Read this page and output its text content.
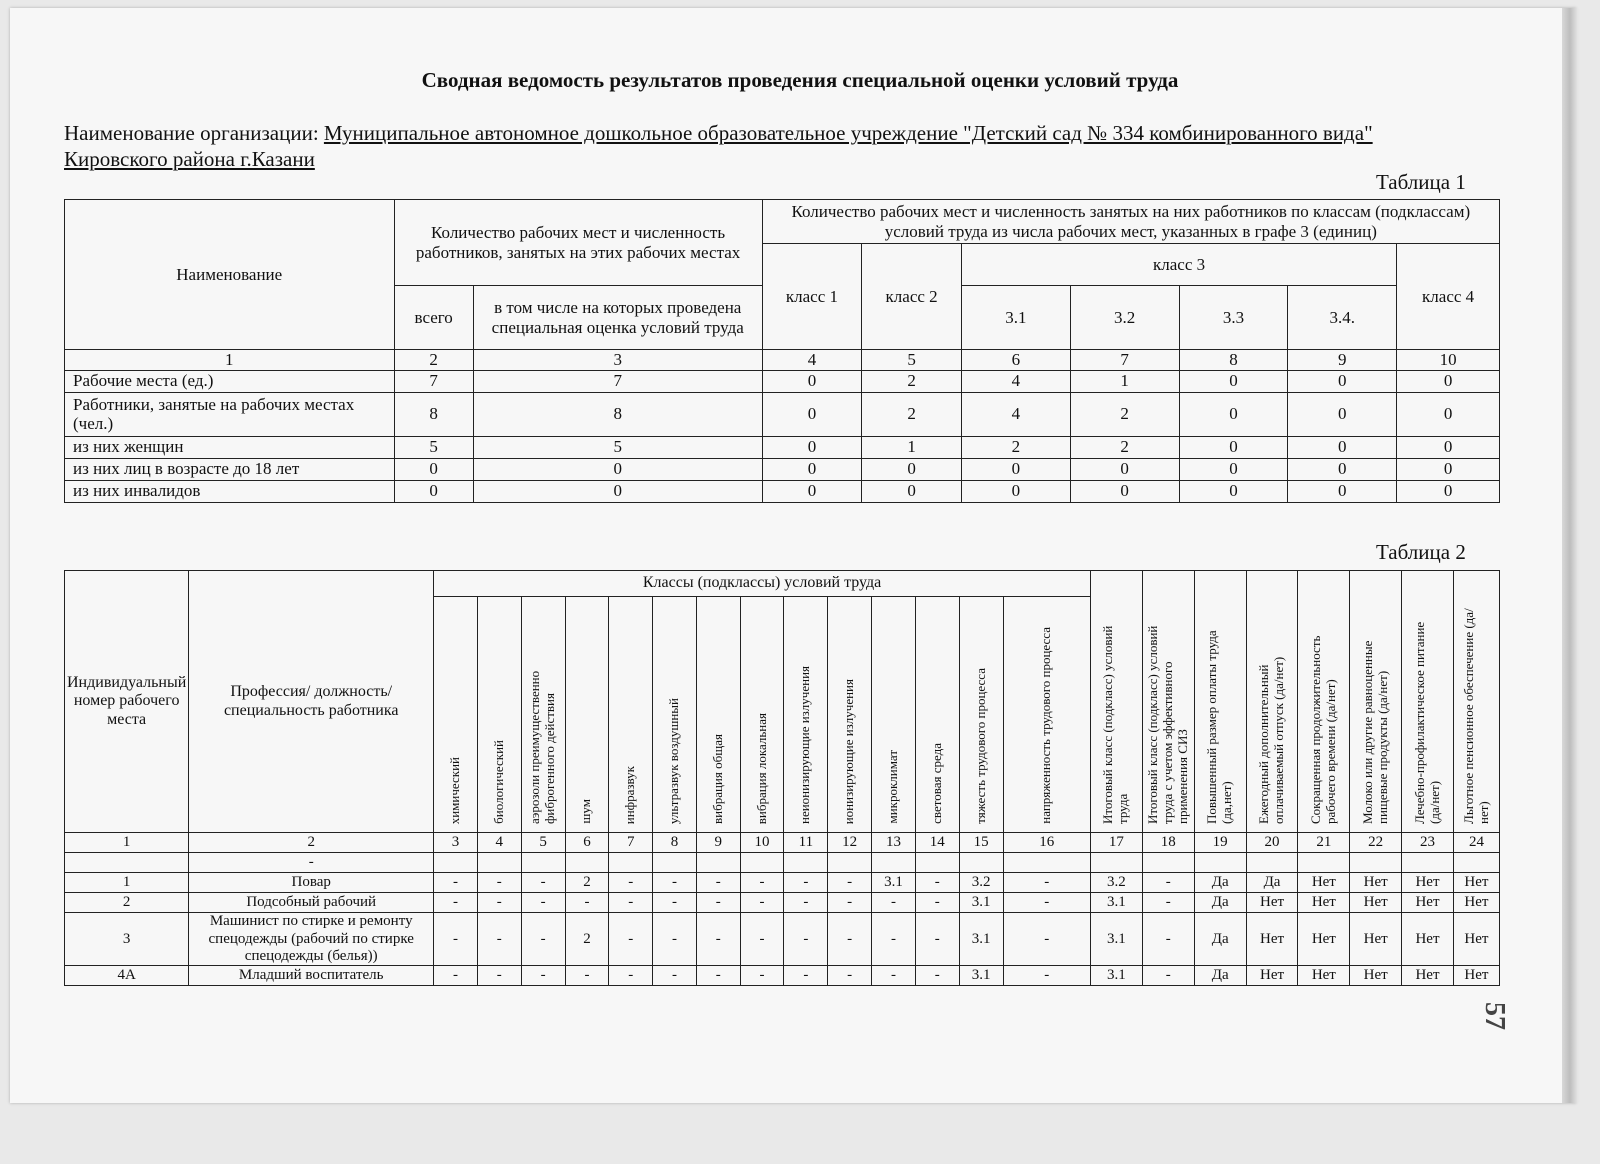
Сводная ведомость результатов проведения специальной оценки условий труда
Наименование организации: Муниципальное автономное дошкольное образовательное учреждение "Детский сад № 334 комбинированного вида"
Кировского района г.Казани
Таблица 1
Наименование	Количество рабочих мест и численность работников, занятых на этих рабочих местах		Количество рабочих мест и численность занятых на них работников по классам (подклассам) условий труда из числа рабочих мест, указанных в графе 3 (единиц)						
			класс 1	класс 2	класс 3				класс 4
	всего	в том числе на которых проведена специальная оценка условий труда			3.1	3.2	3.3	3.4.	
1	2	3	4	5	6	7	8	9	10
Рабочие места (ед.)	7	7	0	2	4	1	0	0	0
Работники, занятые на рабочих местах (чел.)	8	8	0	2	4	2	0	0	0
из них женщин	5	5	0	1	2	2	0	0	0
из них лиц в возрасте до 18 лет	0	0	0	0	0	0	0	0	0
из них инвалидов	0	0	0	0	0	0	0	0	0
Таблица 2
Индивидуальный номер рабочего места	Профессия/ должность/ специальность работника	Классы (подклассы) условий труда														Итоговый класс (подкласс) условий труда	Итоговый класс (подкласс) условий труда с учетом эффективного применения СИЗ	Повышенный размер оплаты труда (да,нет)	Ежегодный дополнительный оплачиваемый отпуск (да/нет)	Сокращенная продолжительность рабочего времени (да/нет)	Молоко или другие равноценные пищевые продукты (да/нет)	Лечебно-профилактическое питание (да/нет)	Льготное пенсионное обеспечение (да/нет)
		химический	биологический	аэрозоли преимущественно фиброгенного действия	шум	инфразвук	ультразвук воздушный	вибрация общая	вибрация локальная	неионизирующие излучения	ионизирующие излучения	микроклимат	световая среда	тяжесть трудового процесса	напряженность трудового процесса								
1	2	3	4	5	6	7	8	9	10	11	12	13	14	15	16	17	18	19	20	21	22	23	24
	-																						
1	Повар	-	-	-	2	-	-	-	-	-	-	3.1	-	3.2	-	3.2	-	Да	Да	Нет	Нет	Нет	Нет
2	Подсобный рабочий	-	-	-	-	-	-	-	-	-	-	-	-	3.1	-	3.1	-	Да	Нет	Нет	Нет	Нет	Нет
3	Машинист по стирке и ремонту спецодежды (рабочий по стирке спецодежды (белья))	-	-	-	2	-	-	-	-	-	-	-	-	3.1	-	3.1	-	Да	Нет	Нет	Нет	Нет	Нет
4А	Младший воспитатель	-	-	-	-	-	-	-	-	-	-	-	-	3.1	-	3.1	-	Да	Нет	Нет	Нет	Нет	Нет
57
